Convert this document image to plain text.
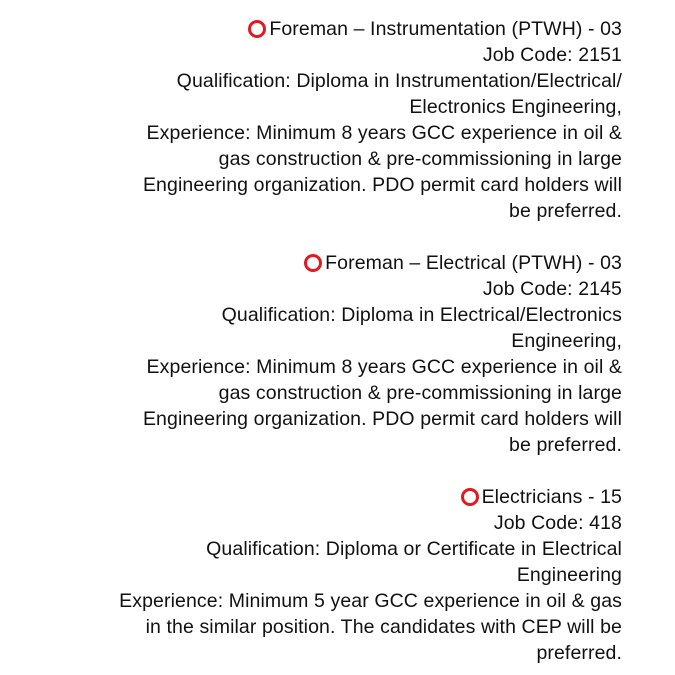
Foreman – Instrumentation (PTWH) - 03
Job Code: 2151
Qualification: Diploma in Instrumentation/Electrical/
Electronics Engineering,
Experience: Minimum 8 years GCC experience in oil &
gas construction & pre-commissioning in large
Engineering organization. PDO permit card holders will
be preferred.
Foreman – Electrical (PTWH) - 03
Job Code: 2145
Qualification: Diploma in Electrical/Electronics
Engineering,
Experience: Minimum 8 years GCC experience in oil &
gas construction & pre-commissioning in large
Engineering organization. PDO permit card holders will
be preferred.
Electricians - 15
Job Code: 418
Qualification: Diploma or Certificate in Electrical
Engineering
Experience: Minimum 5 year GCC experience in oil & gas
in the similar position. The candidates with CEP will be
preferred.
